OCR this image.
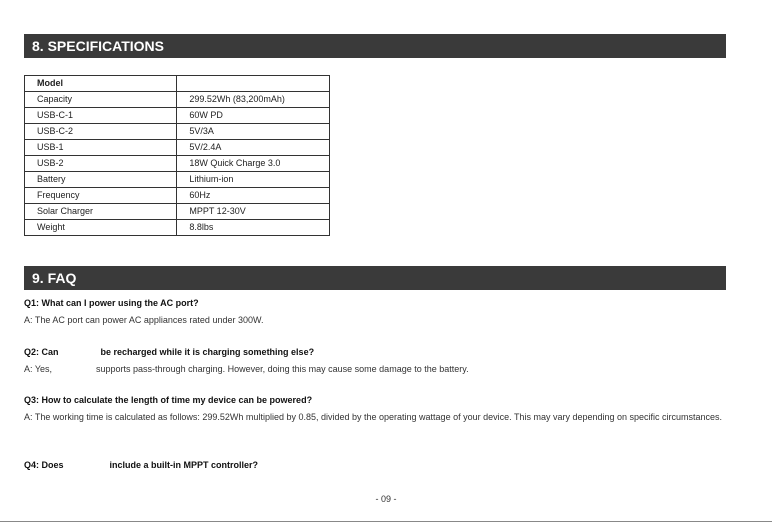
8. SPECIFICATIONS
Model	
Capacity	299.52Wh (83,200mAh)
USB-C-1	60W PD
USB-C-2	5V/3A
USB-1	5V/2.4A
USB-2	18W Quick Charge 3.0
Battery	Lithium-ion
Frequency	60Hz
Solar Charger	MPPT 12-30V
Weight	8.8lbs
9. FAQ
Q1: What can I power using the AC port?
A: The AC port can power AC appliances rated under 300W.
Q2: Can	be recharged while it is charging something else?
A: Yes,	supports pass-through charging. However, doing this may cause some damage to the battery.
Q3: How to calculate the length of time my device can be powered?
A: The working time is calculated as follows: 299.52Wh multiplied by 0.85, divided by the operating wattage of your device. This may vary depending on specific circumstances.
Q4: Does	include a built-in MPPT controller?
- 09 -
